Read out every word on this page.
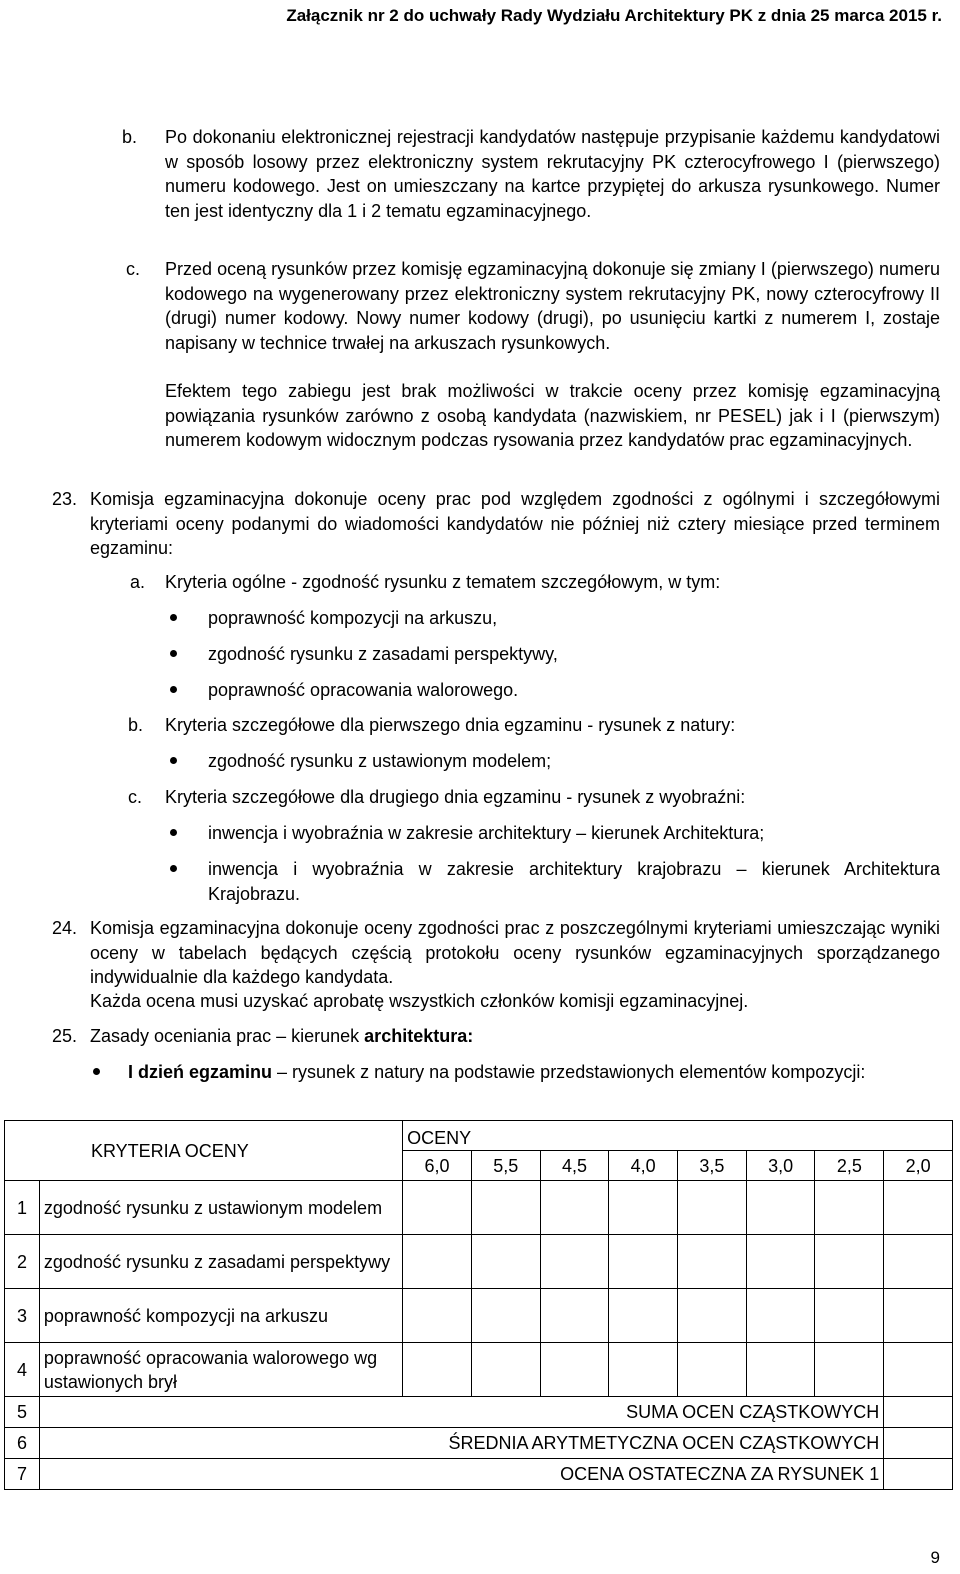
Załącznik nr 2 do uchwały Rady Wydziału Architektury PK z dnia 25 marca 2015 r.
b. Po dokonaniu elektronicznej rejestracji kandydatów następuje przypisanie każdemu kandydatowi w sposób losowy przez elektroniczny system rekrutacyjny PK czterocyfrowego I (pierwszego) numeru kodowego. Jest on umieszczany na kartce przypiętej do arkusza rysunkowego. Numer ten jest identyczny dla 1 i 2 tematu egzaminacyjnego.
c. Przed oceną rysunków przez komisję egzaminacyjną dokonuje się zmiany I (pierwszego) numeru kodowego na wygenerowany przez elektroniczny system rekrutacyjny PK, nowy czterocyfrowy II (drugi) numer kodowy. Nowy numer kodowy (drugi), po usunięciu kartki z numerem I, zostaje napisany w technice trwałej na arkuszach rysunkowych.
Efektem tego zabiegu jest brak możliwości w trakcie oceny przez komisję egzaminacyjną powiązania rysunków zarówno z osobą kandydata (nazwiskiem, nr PESEL) jak i I (pierwszym) numerem kodowym widocznym podczas rysowania przez kandydatów prac egzaminacyjnych.
23. Komisja egzaminacyjna dokonuje oceny prac pod względem zgodności z ogólnymi i szczegółowymi kryteriami oceny podanymi do wiadomości kandydatów nie później niż cztery miesiące przed terminem egzaminu:
a. Kryteria ogólne - zgodność rysunku z tematem szczegółowym, w tym:
poprawność kompozycji na arkuszu,
zgodność rysunku z zasadami perspektywy,
poprawność opracowania walorowego.
b. Kryteria szczegółowe dla pierwszego dnia egzaminu - rysunek z natury:
zgodność rysunku z ustawionym modelem;
c. Kryteria szczegółowe dla drugiego dnia egzaminu - rysunek z wyobraźni:
inwencja i wyobraźnia w zakresie architektury – kierunek Architektura;
inwencja i wyobraźnia w zakresie architektury krajobrazu – kierunek Architektura Krajobrazu.
24. Komisja egzaminacyjna dokonuje oceny zgodności prac z poszczególnymi kryteriami umieszczając wyniki oceny w tabelach będących częścią protokołu oceny rysunków egzaminacyjnych sporządzanego indywidualnie dla każdego kandydata.
Każda ocena musi uzyskać aprobatę wszystkich członków komisji egzaminacyjnej.
25. Zasady oceniania prac – kierunek architektura:
I dzień egzaminu – rysunek z natury na podstawie przedstawionych elementów kompozycji:
KRYTERIA OCENY		OCENY							
		6,0	5,5	4,5	4,0	3,5	3,0	2,5	2,0
1	zgodność rysunku z ustawionym modelem								
2	zgodność rysunku z zasadami perspektywy								
3	poprawność kompozycji na arkuszu								
4	poprawność opracowania walorowego wg ustawionych brył								
5	SUMA OCEN CZĄSTKOWYCH								
6	ŚREDNIA ARYTMETYCZNA OCEN CZĄSTKOWYCH								
7	OCENA OSTATECZNA ZA RYSUNEK 1								
9
